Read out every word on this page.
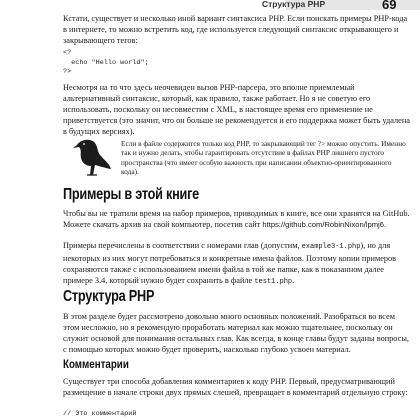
Структура PHP	69

Кстати, существует и несколько иной вариант синтаксиса PHP. Если поискать примеры PHP-кода в интернете, то можно встретить код, где используется следующий синтаксис открывающего и закрывающего тегов:

<?
echo "Hello world";
?>

Несмотря на то что здесь неочевиден вызов PHP-парсера, это вполне приемлемый альтернативный синтаксис, который, как правило, также работает. Но я не советую его использовать, поскольку он несовместим с XML, в настоящее время его применение не приветствуется (это значит, что он больше не рекомендуется и его поддержка может быть удалена в будущих версиях).

Если в файле содержится только код PHP, то закрывающий тег ?> можно опустить. Именно так и нужно делать, чтобы гарантировать отсутствие в файлах PHP лишнего пустого пространства (что имеет особую важность при написании объектно-ориентированного кода).

Примеры в этой книге

Чтобы вы не тратили время на набор примеров, приводимых в книге, все они хранятся на GitHub. Можете скачать архив на свой компьютер, посетив сайт https://github.com/RobinNixon/lpmj6.

Примеры перечислены в соответствии с номерами глав (допустим, example3-1.php), но для некоторых из них могут потребоваться и конкретные имена файлов. Поэтому копии примеров сохраняются также с использованием имени файла в той же папке, как в показанном далее примере 3.4, который нужно будет сохранить в файле test1.php.

Структура PHP

В этом разделе будет рассмотрено довольно много основных положений. Разобраться во всем этом несложно, но я рекомендую проработать материал как можно тщательнее, поскольку он служит основой для понимания остальных глав. Как всегда, в конце главы будут заданы вопросы, с помощью которых можно будет проверить, насколько глубоко усвоен материал.

Комментарии

Существует три способа добавления комментариев к коду PHP. Первый, предусматривающий размещение в начале строки двух прямых слешей, превращает в комментарий отдельную строку:

// Это комментарий
